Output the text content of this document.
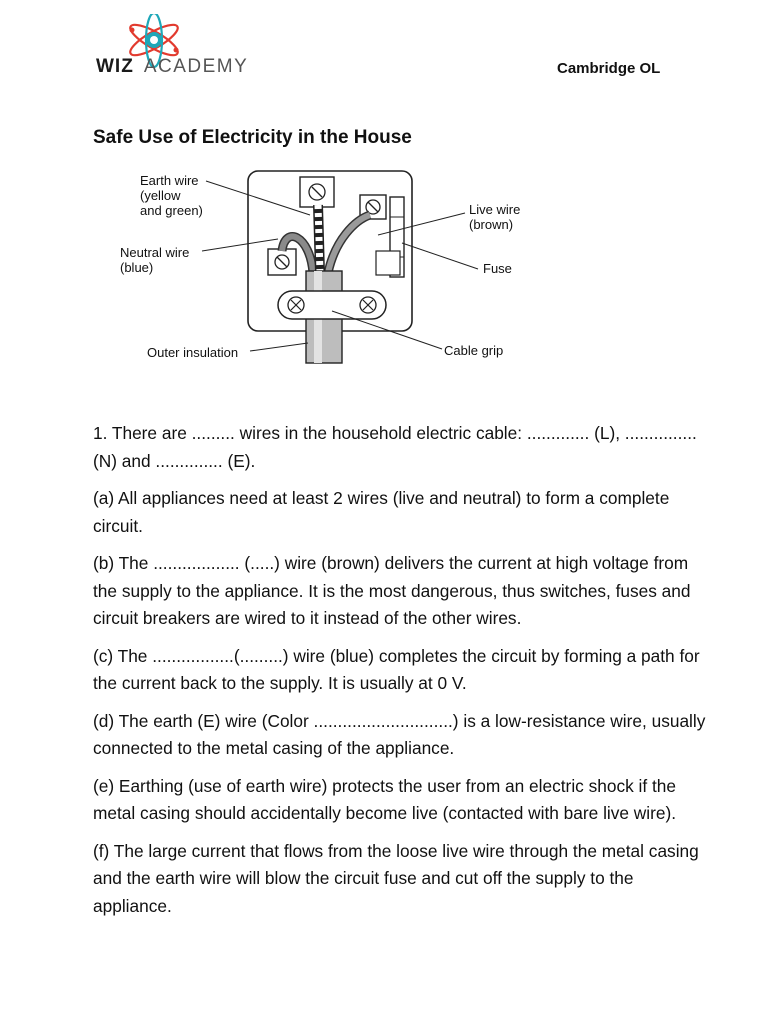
WIZ ACADEMY	Cambridge OL
Safe Use of Electricity in the House
Earth wire
(yellow
and green)
Neutral wire
(blue)
Live wire
(brown)
Fuse
Outer insulation	Cable grip

1. There are ......... wires in the household electric cable: ............. (L), ............... (N) and .............. (E).

(a) All appliances need at least 2 wires (live and neutral) to form a complete circuit.

(b) The .................. (.....) wire (brown) delivers the current at high voltage from the supply to the appliance. It is the most dangerous, thus switches, fuses and circuit breakers are wired to it instead of the other wires.

(c) The .................(.........) wire (blue) completes the circuit by forming a path for the current back to the supply. It is usually at 0 V.

(d) The earth (E) wire (Color .............................) is a low-resistance wire, usually connected to the metal casing of the appliance.

(e) Earthing (use of earth wire) protects the user from an electric shock if the metal casing should accidentally become live (contacted with bare live wire).

(f) The large current that flows from the loose live wire through the metal casing and the earth wire will blow the circuit fuse and cut off the supply to the appliance.
